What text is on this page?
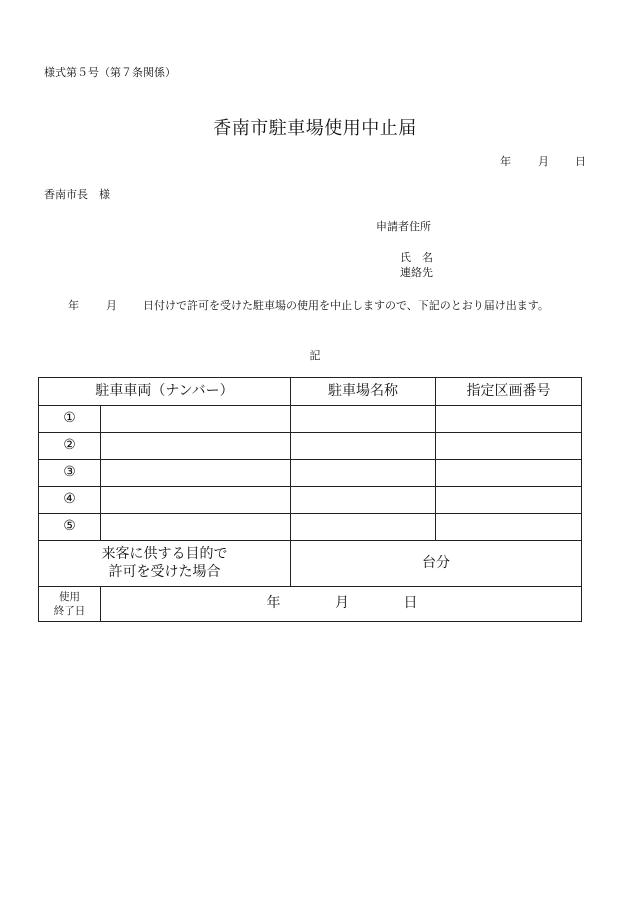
様式第５号（第７条関係）
香南市駐車場使用中止届
年 月 日
香南市長　様
申請者住所
氏　名
連絡先
年 月 日付けで許可を受けた駐車場の使用を中止しますので、下記のとおり届け出ます。
記
駐車車両（ナンバー）		駐車場名称	指定区画番号
①			
②			
③			
④			
⑤			

来客に供する目的で
許可を受けた場合		台分	

使用
終了日	年 月 日		
